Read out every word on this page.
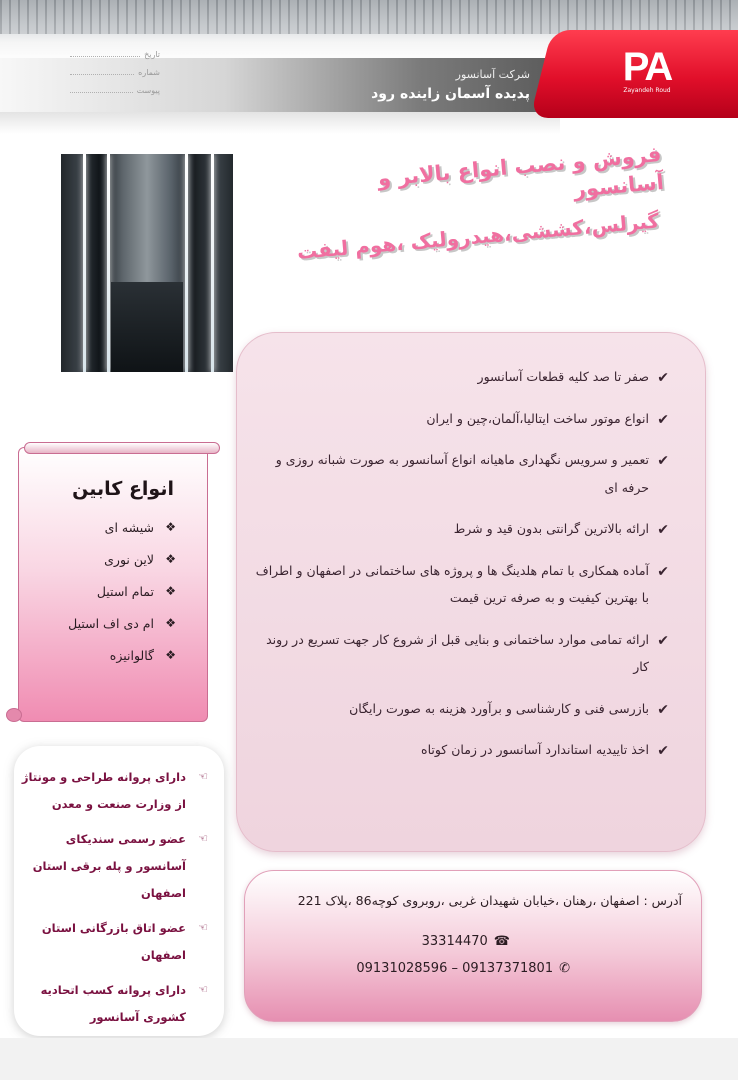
PA
Zayandeh Roud
شرکت آسانسور
پدیده آسمان زاینده رود
تاریخ
شماره
پیوست
فروش و نصب انواع بالابر و آسانسور
گیرلس،کششی،هیدرولیک ،هوم لیفت
✔
صفر تا صد کلیه قطعات آسانسور
✔
انواع موتور ساخت ایتالیا،آلمان،چین و ایران
✔
تعمیر و سرویس نگهداری ماهیانه انواع آسانسور به صورت شبانه روزی و حرفه ای
✔
ارائه بالاترین گرانتی بدون قید و شرط
✔
آماده همکاری با تمام هلدینگ ها و پروژه های ساختمانی در اصفهان و اطراف با بهترین کیفیت و به صرفه ترین قیمت
✔
ارائه تمامی موارد ساختمانی و بنایی قبل از شروع کار جهت تسریع در روند کار
✔
بازرسی فنی و کارشناسی و برآورد هزینه به صورت رایگان
✔
اخذ تاییدیه استاندارد آسانسور در زمان کوتاه
انواع کابین
❖
شیشه ای
❖
لاین نوری
❖
تمام استیل
❖
ام دی اف استیل
❖
گالوانیزه
☜
دارای پروانه طراحی و مونتاژ از وزارت صنعت و معدن
☜
عضو رسمی سندیکای آسانسور و پله برقی استان اصفهان
☜
عضو اتاق بازرگانی استان اصفهان
☜
دارای پروانه کسب اتحادیه کشوری آسانسور
آدرس : اصفهان ،رهنان ،خیابان شهیدان غربی ،روبروی کوچه86 ،پلاک 221
☎33314470
✆09131028596 – 09137371801
